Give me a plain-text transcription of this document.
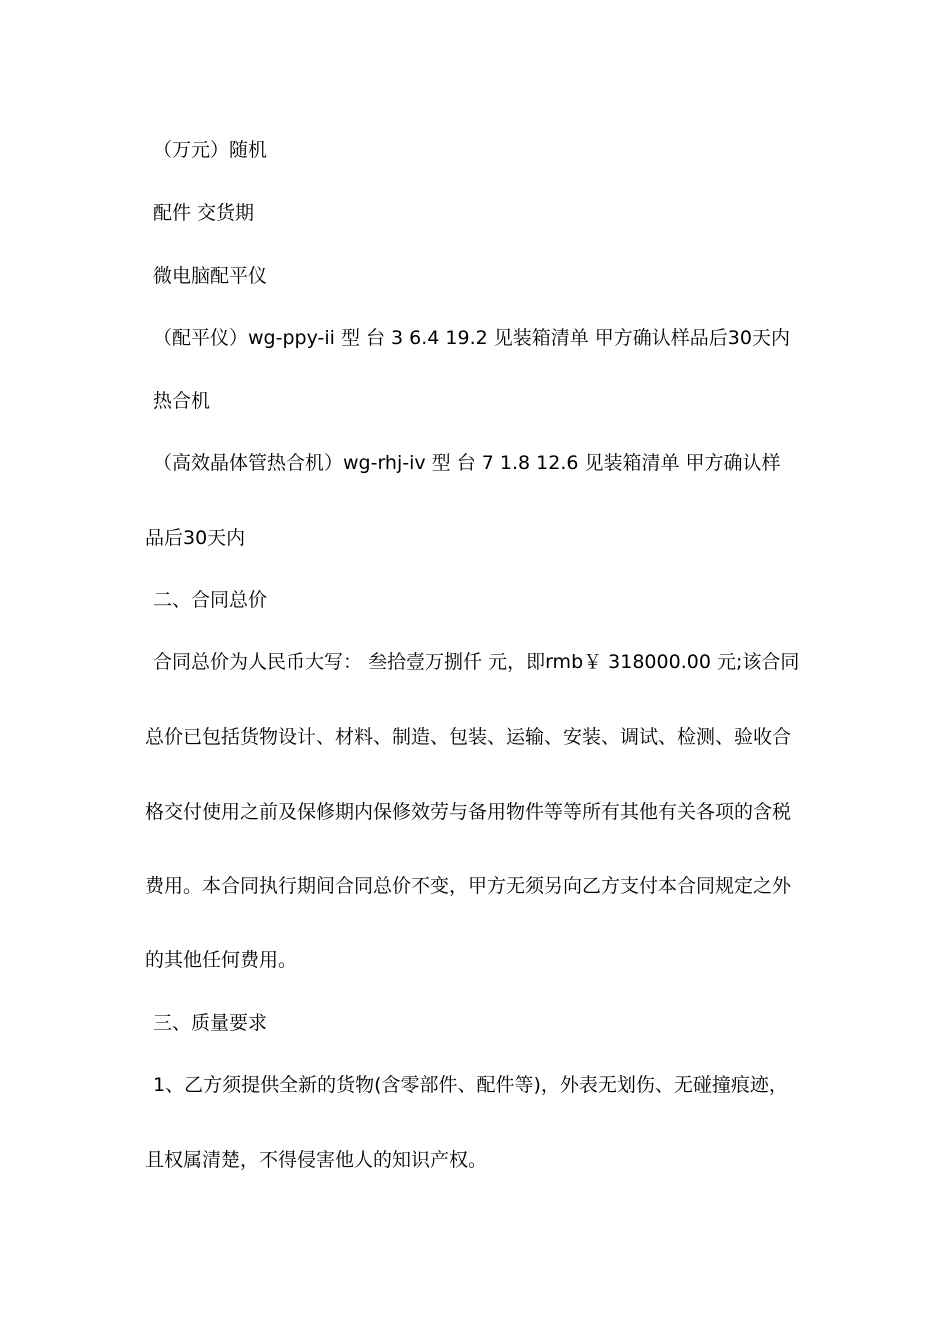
（万元）随机
配件 交货期
微电脑配平仪
（配平仪）wg-ppy-ii 型 台 3 6.4 19.2 见装箱清单 甲方确认样品后30天内
热合机
（高效晶体管热合机）wg-rhj-iv 型 台 7 1.8 12.6 见装箱清单 甲方确认样
品后30天内
二、合同总价
合同总价为人民币大写： 叁拾壹万捌仟 元，即rmb￥ 318000.00 元;该合同
总价已包括货物设计、材料、制造、包装、运输、安装、调试、检测、验收合
格交付使用之前及保修期内保修效劳与备用物件等等所有其他有关各项的含税
费用。本合同执行期间合同总价不变，甲方无须另向乙方支付本合同规定之外
的其他任何费用。
三、质量要求
1、乙方须提供全新的货物(含零部件、配件等)，外表无划伤、无碰撞痕迹，
且权属清楚，不得侵害他人的知识产权。
